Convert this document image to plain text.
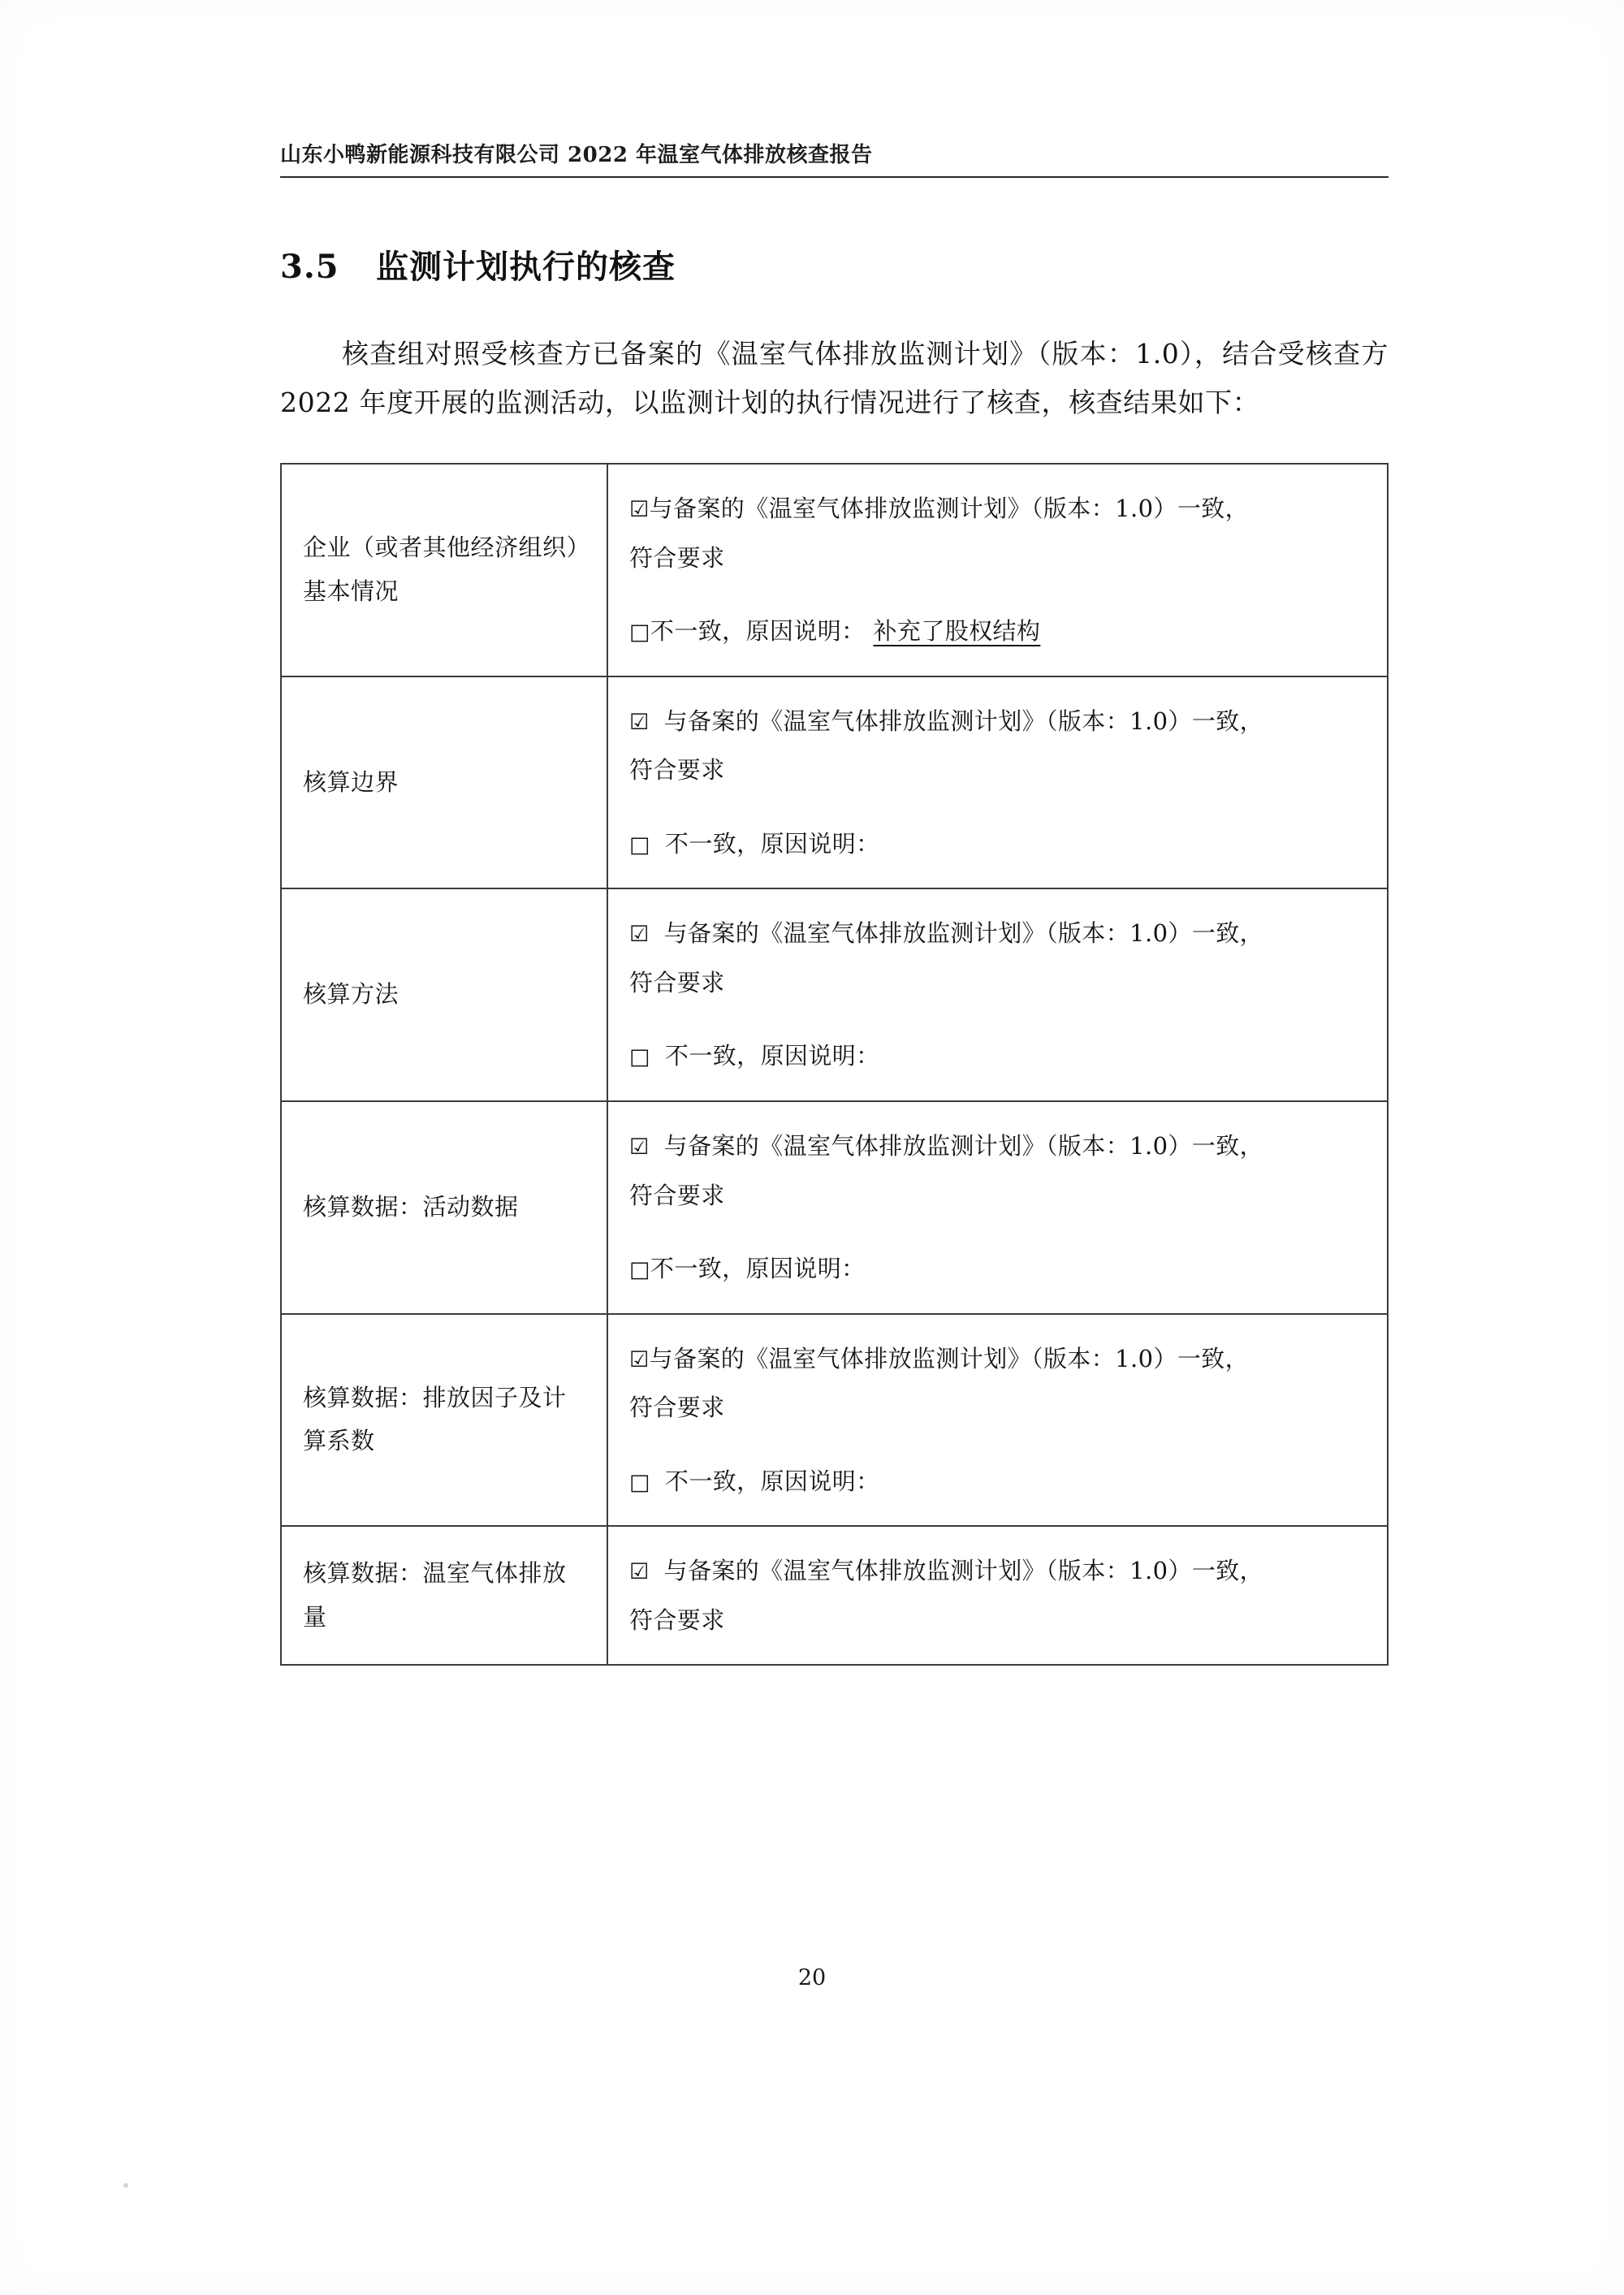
山东小鸭新能源科技有限公司 2022 年温室气体排放核查报告
3.5	监测计划执行的核查
核查组对照受核查方已备案的《温室气体排放监测计划》（版本：1.0），结合受核查方 2022 年度开展的监测活动，以监测计划的执行情况进行了核查，核查结果如下：
企业（或者其他经济组织）基本情况	☑与备案的《温室气体排放监测计划》（版本：1.0）一致，
符合要求
□不一致，原因说明： 补充了股权结构

核算边界	☑ 与备案的《温室气体排放监测计划》（版本：1.0）一致，
符合要求
□ 不一致，原因说明：

核算方法	☑ 与备案的《温室气体排放监测计划》（版本：1.0）一致，
符合要求
□ 不一致，原因说明：

核算数据：活动数据	☑ 与备案的《温室气体排放监测计划》（版本：1.0）一致，
符合要求
□不一致，原因说明：

核算数据：排放因子及计算系数	☑与备案的《温室气体排放监测计划》（版本：1.0）一致，
符合要求
□ 不一致，原因说明：

核算数据：温室气体排放量	☑ 与备案的《温室气体排放监测计划》（版本：1.0）一致，
符合要求
20
